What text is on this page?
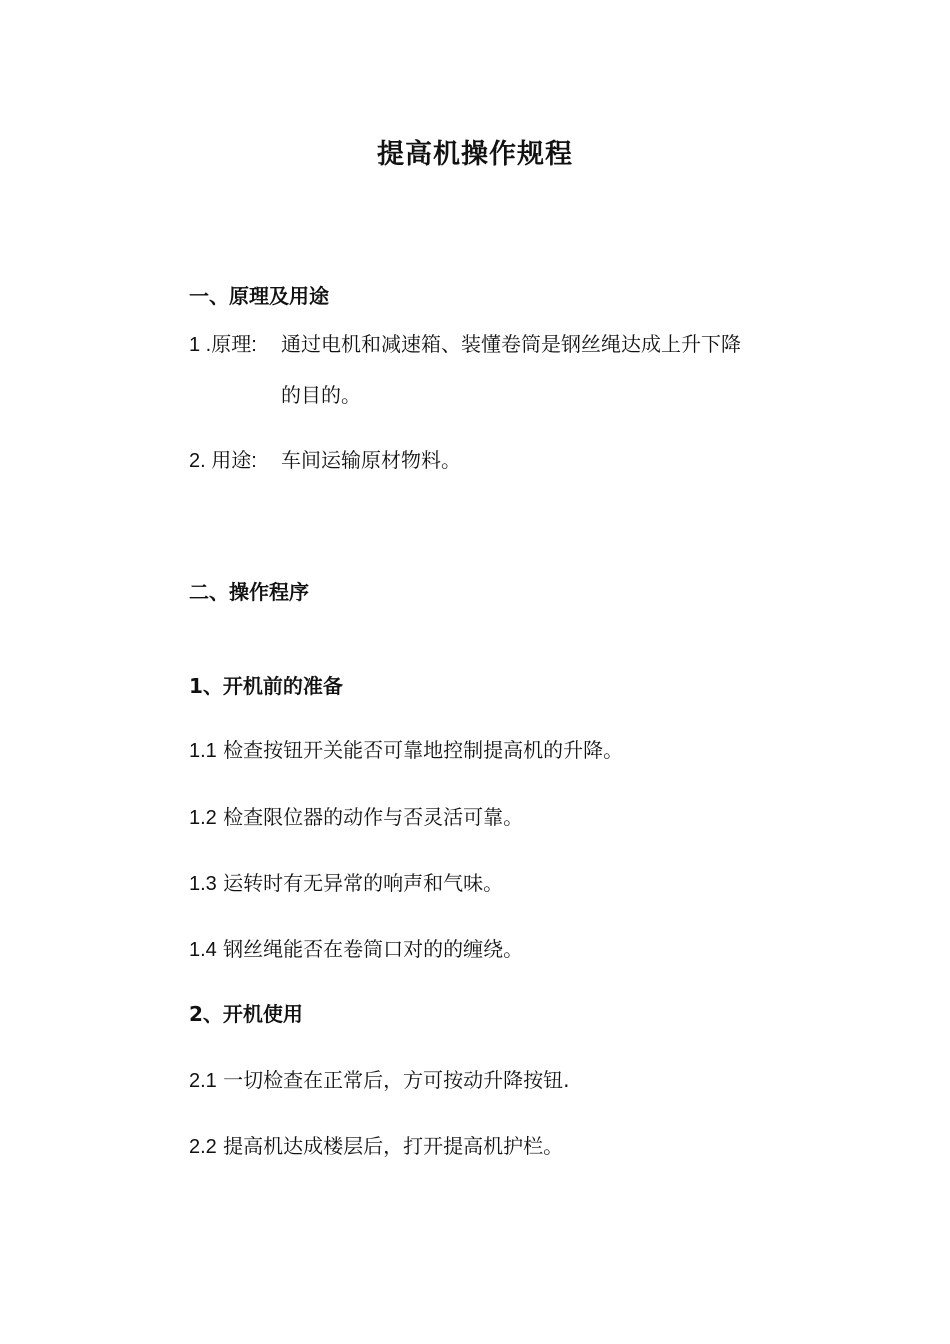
提高机操作规程
一、原理及用途
1 .原理: 通过电机和减速箱、装懂卷筒是钢丝绳达成上升下降
的目的。
2. 用途: 车间运输原材物料。
二、操作程序
1、开机前的准备
1.1 检查按钮开关能否可靠地控制提高机的升降。
1.2 检查限位器的动作与否灵活可靠。
1.3 运转时有无异常的响声和气味。
1.4 钢丝绳能否在卷筒口对的的缠绕。
2、开机使用
2.1 一切检查在正常后，方可按动升降按钮.
2.2 提高机达成楼层后，打开提高机护栏。
